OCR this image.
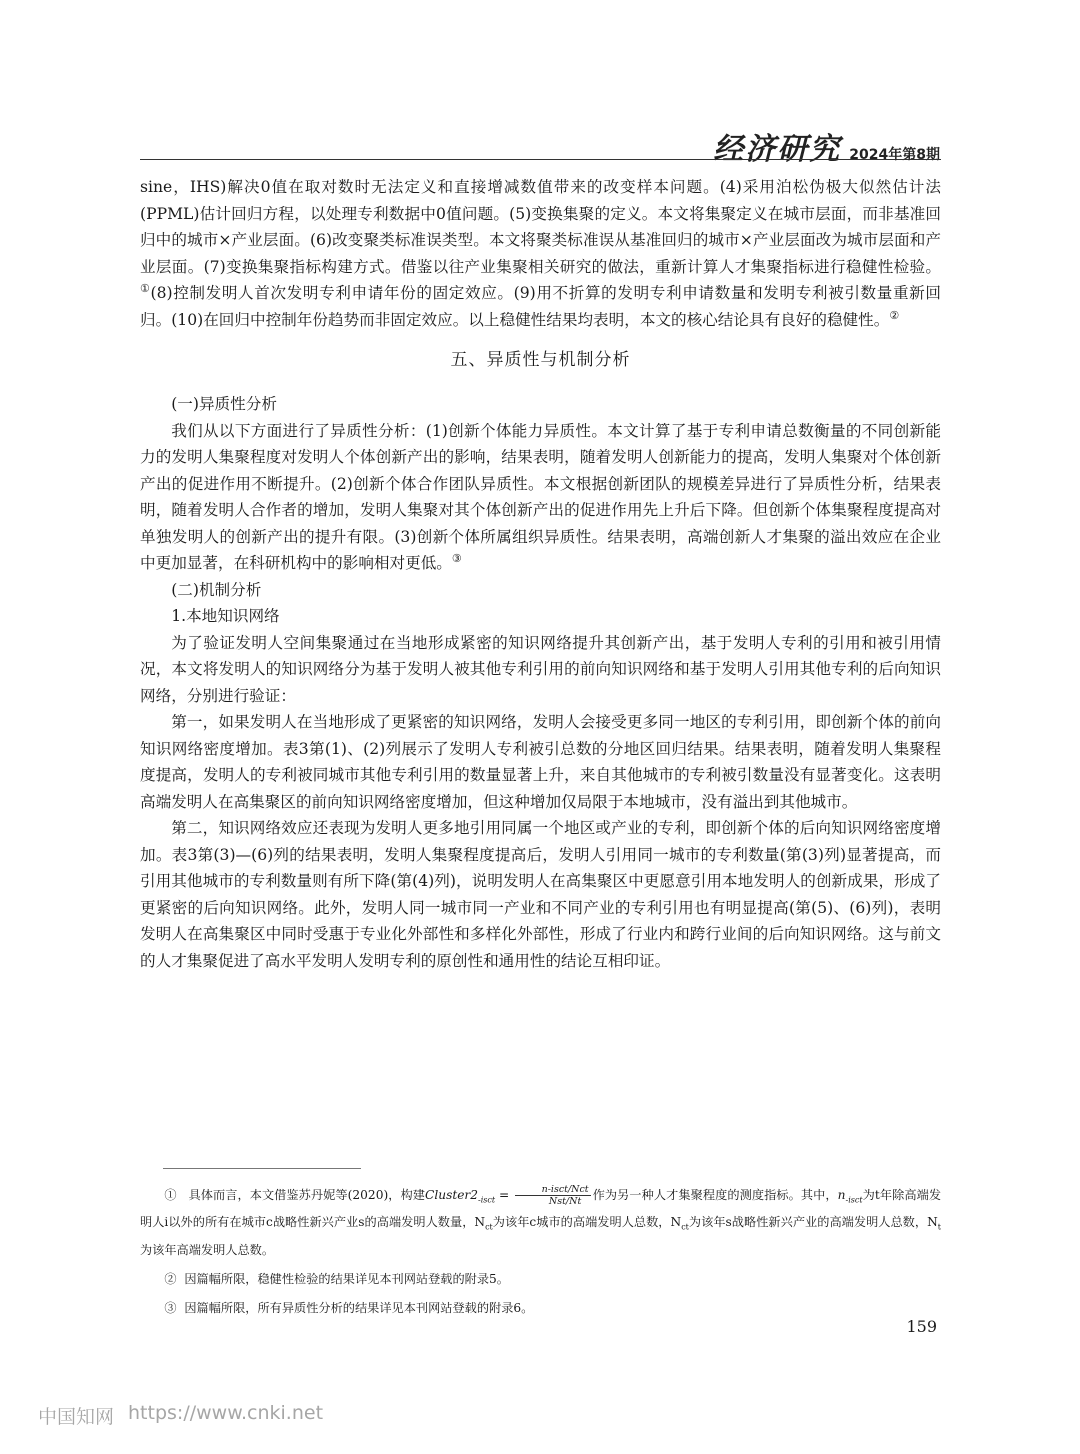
经济研究 2024年第8期

sine，IHS)解决0值在取对数时无法定义和直接增减数值带来的改变样本问题。(4)采用泊松伪极大似然估计法(PPML)估计回归方程，以处理专利数据中0值问题。(5)变换集聚的定义。本文将集聚定义在城市层面，而非基准回归中的城市×产业层面。(6)改变聚类标准误类型。本文将聚类标准误从基准回归的城市×产业层面改为城市层面和产业层面。(7)变换集聚指标构建方式。借鉴以往产业集聚相关研究的做法，重新计算人才集聚指标进行稳健性检验。①(8)控制发明人首次发明专利申请年份的固定效应。(9)用不折算的发明专利申请数量和发明专利被引数量重新回归。(10)在回归中控制年份趋势而非固定效应。以上稳健性结果均表明，本文的核心结论具有良好的稳健性。②

五、异质性与机制分析

(一)异质性分析

我们从以下方面进行了异质性分析：(1)创新个体能力异质性。本文计算了基于专利申请总数衡量的不同创新能力的发明人集聚程度对发明人个体创新产出的影响，结果表明，随着发明人创新能力的提高，发明人集聚对个体创新产出的促进作用不断提升。(2)创新个体合作团队异质性。本文根据创新团队的规模差异进行了异质性分析，结果表明，随着发明人合作者的增加，发明人集聚对其个体创新产出的促进作用先上升后下降。但创新个体集聚程度提高对单独发明人的创新产出的提升有限。(3)创新个体所属组织异质性。结果表明，高端创新人才集聚的溢出效应在企业中更加显著，在科研机构中的影响相对更低。③

(二)机制分析

1.本地知识网络

为了验证发明人空间集聚通过在当地形成紧密的知识网络提升其创新产出，基于发明人专利的引用和被引用情况，本文将发明人的知识网络分为基于发明人被其他专利引用的前向知识网络和基于发明人引用其他专利的后向知识网络，分别进行验证：

第一，如果发明人在当地形成了更紧密的知识网络，发明人会接受更多同一地区的专利引用，即创新个体的前向知识网络密度增加。表3第(1)、(2)列展示了发明人专利被引总数的分地区回归结果。结果表明，随着发明人集聚程度提高，发明人的专利被同城市其他专利引用的数量显著上升，来自其他城市的专利被引数量没有显著变化。这表明高端发明人在高集聚区的前向知识网络密度增加，但这种增加仅局限于本地城市，没有溢出到其他城市。

第二，知识网络效应还表现为发明人更多地引用同属一个地区或产业的专利，即创新个体的后向知识网络密度增加。表3第(3)—(6)列的结果表明，发明人集聚程度提高后，发明人引用同一城市的专利数量(第(3)列)显著提高，而引用其他城市的专利数量则有所下降(第(4)列)，说明发明人在高集聚区中更愿意引用本地发明人的创新成果，形成了更紧密的后向知识网络。此外，发明人同一城市同一产业和不同产业的专利引用也有明显提高(第(5)、(6)列)，表明发明人在高集聚区中同时受惠于专业化外部性和多样化外部性，形成了行业内和跨行业间的后向知识网络。这与前文的人才集聚促进了高水平发明人发明专利的原创性和通用性的结论互相印证。

① 具体而言，本文借鉴苏丹妮等(2020)，构建$Cluster2_{-isct} = \frac{\text{n-isct/Nct}}{\text{Nst/Nt}}$ 作为另一种人才集聚程度的测度指标。其中，$n_{-isct}$为t年除高端发明人i以外的所有在城市c战略性新兴产业s的高端发明人数量，$N_{ct}$为该年c城市的高端发明人总数，$N_{ct}$为该年s战略性新兴产业的高端发明人总数，$N_t$为该年高端发明人总数。

② 因篇幅所限，稳健性检验的结果详见本刊网站登载的附录5。

③ 因篇幅所限，所有异质性分析的结果详见本刊网站登载的附录6。

159
中国知网 https://www.cnki.net
